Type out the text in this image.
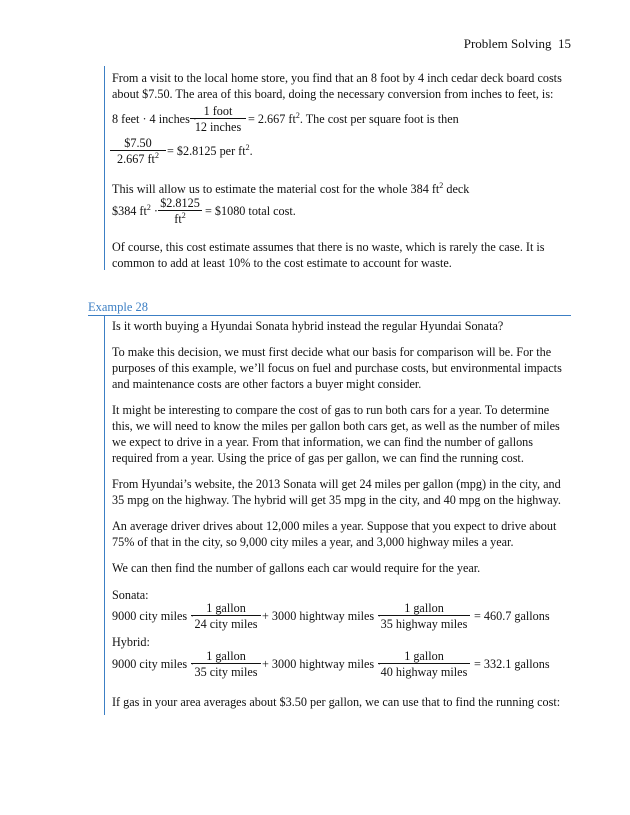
Problem Solving 15
From a visit to the local home store, you find that an 8 foot by 4 inch cedar deck board costs
about $7.50. The area of this board, doing the necessary conversion from inches to feet, is:
8 feet · 4 inches ·
1 foot
12 inches
= 2.667 $ft^2$. The cost per square foot is then
$\frac{\$7.50}{2.667 ft^2}$ = $2.8125 per $ft^2$.
This will allow us to estimate the material cost for the whole 384 $ft^2$ deck
$384 $ft^2 \cdot \frac{\$2.8125}{ft^2}$ = $1080 total cost.
Of course, this cost estimate assumes that there is no waste, which is rarely the case. It is
common to add at least 10% to the cost estimate to account for waste.
Example 28
Is it worth buying a Hyundai Sonata hybrid instead the regular Hyundai Sonata?
To make this decision, we must first decide what our basis for comparison will be. For the
purposes of this example, we’ll focus on fuel and purchase costs, but environmental impacts
and maintenance costs are other factors a buyer might consider.
It might be interesting to compare the cost of gas to run both cars for a year. To determine
this, we will need to know the miles per gallon both cars get, as well as the number of miles
we expect to drive in a year. From that information, we can find the number of gallons
required from a year. Using the price of gas per gallon, we can find the running cost.
From Hyundai’s website, the 2013 Sonata will get 24 miles per gallon (mpg) in the city, and
35 mpg on the highway. The hybrid will get 35 mpg in the city, and 40 mpg on the highway.
An average driver drives about 12,000 miles a year. Suppose that you expect to drive about
75% of that in the city, so 9,000 city miles a year, and 3,000 highway miles a year.
We can then find the number of gallons each car would require for the year.
Sonata:
9000 city miles ·
1 gallon
24 city miles
+ 3000 hightway miles ·
1 gallon
35 highway miles
= 460.7 gallons
Hybrid:
9000 city miles ·
1 gallon
35 city miles
+ 3000 hightway miles ·
1 gallon
40 highway miles
= 332.1 gallons
If gas in your area averages about $3.50 per gallon, we can use that to find the running cost:
